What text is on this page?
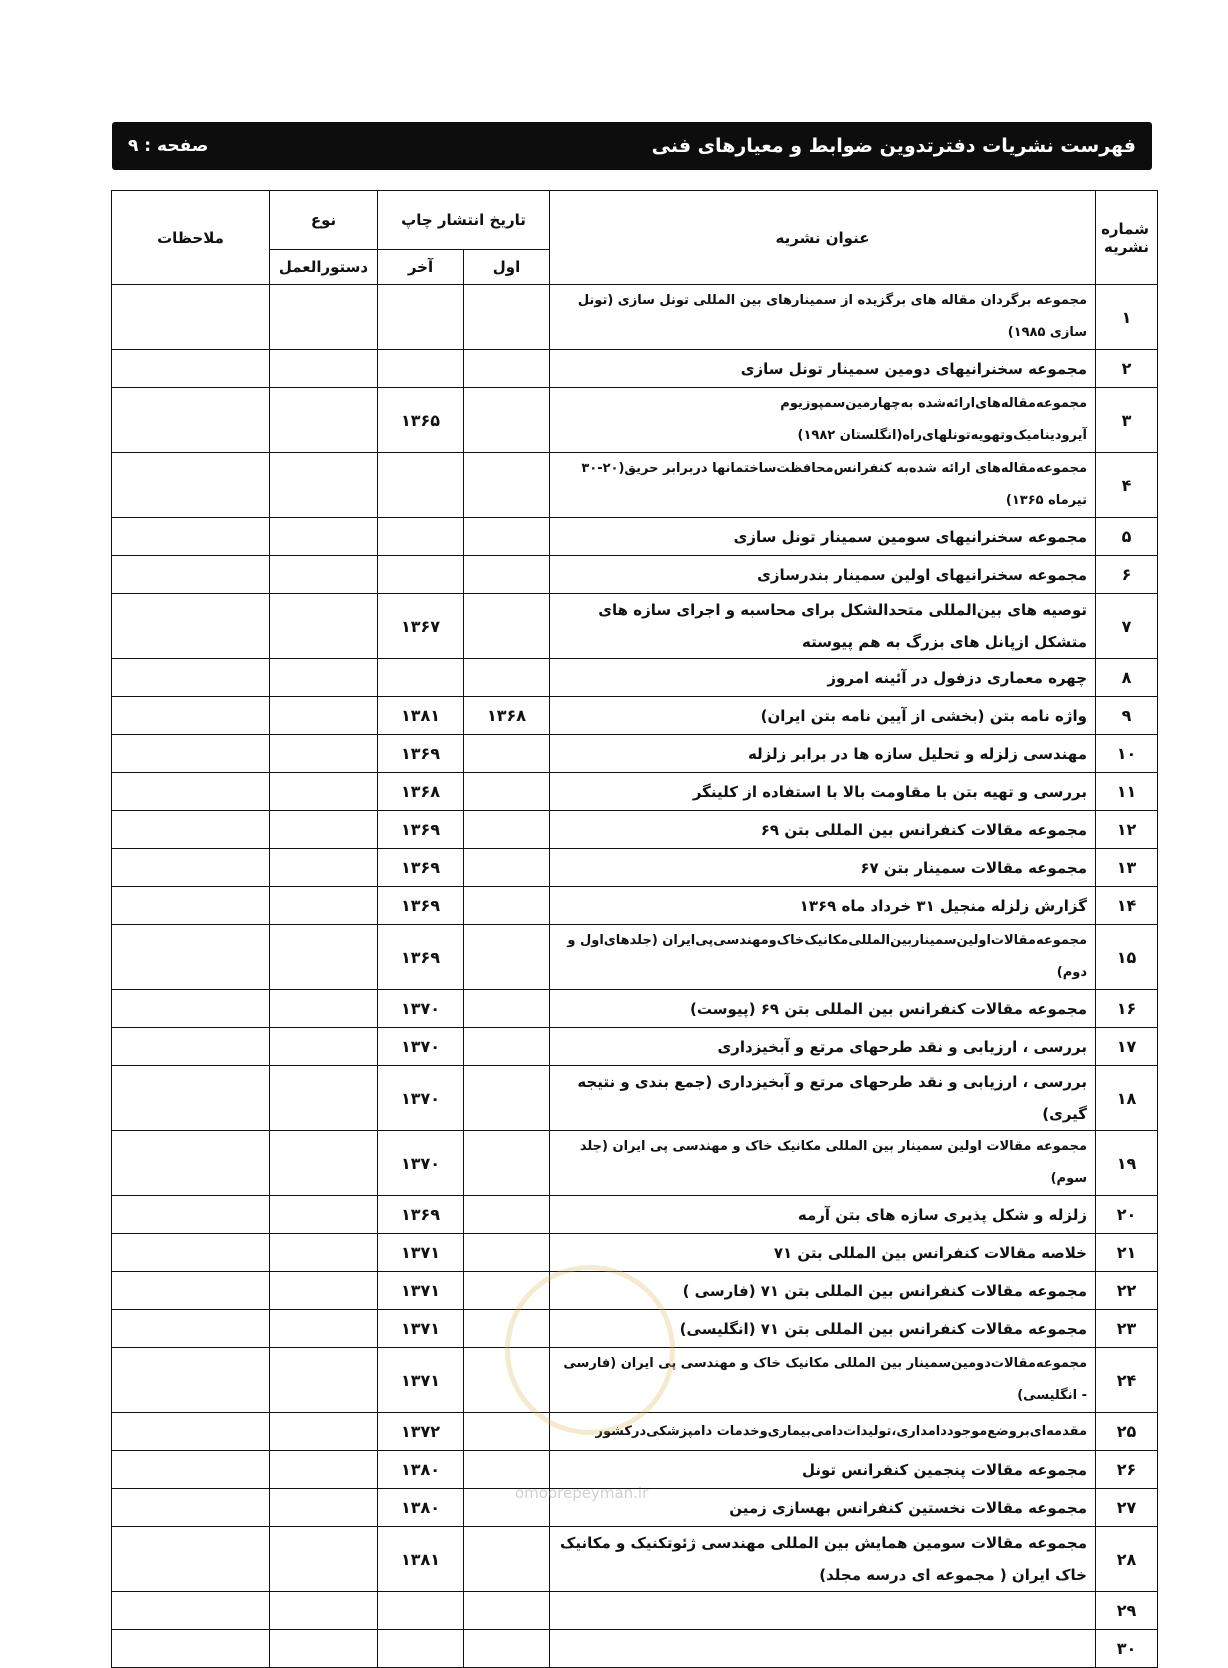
فهرست نشریات دفترتدوین ضوابط و معیارهای فنی
صفحه : ۹
شماره نشریه	عنوان نشریه	تاریخ انتشار چاپ		نوع	ملاحظات
		اول	آخر	دستورالعمل	
۱	مجموعه برگردان مقاله های برگزیده از سمینارهای بین المللی تونل سازی (تونل سازی ۱۹۸۵)				
۲	مجموعه سخنرانیهای دومین سمینار تونل سازی				
۳	مجموعه‌مقاله‌های‌ارائه‌شده به‌چهارمین‌سمپوزیوم آیرودینامیک‌و‌تهویه‌تونلهای‌راه(انگلستان ۱۹۸۲)		۱۳۶۵		
۴	مجموعه‌مقاله‌های ارائه شده‌به کنفرانس‌محافظت‌ساختمانها دربرابر حریق(۲۰-۳۰ تیرماه ۱۳۶۵)				
۵	مجموعه سخنرانیهای سومین سمینار تونل سازی				
۶	مجموعه سخنرانیهای اولین سمینار بندرسازی				
۷	توصیه های بین‌المللی متحدالشکل برای محاسبه و اجرای سازه های متشکل ازپانل های بزرگ به هم پیوسته		۱۳۶۷		
۸	چهره معماری دزفول در آئینه امروز				
۹	واژه نامه بتن (بخشی از آیین نامه بتن ایران)	۱۳۶۸	۱۳۸۱		
۱۰	مهندسی زلزله و تحلیل سازه ها در برابر زلزله		۱۳۶۹		
۱۱	بررسی و تهیه بتن با مقاومت بالا با استفاده از کلینگر		۱۳۶۸		
۱۲	مجموعه مقالات کنفرانس بین المللی بتن ۶۹		۱۳۶۹		
۱۳	مجموعه مقالات سمینار بتن ۶۷		۱۳۶۹		
۱۴	گزارش زلزله منجیل ۳۱ خرداد ماه ۱۳۶۹		۱۳۶۹		
۱۵	مجموعه‌مقالات‌اولین‌سمینار‌بین‌المللی‌مکانیک‌خاک‌و‌مهندسی‌پی‌ایران (جلدهای‌اول و دوم)		۱۳۶۹		
۱۶	مجموعه مقالات کنفرانس بین المللی بتن ۶۹ (پیوست)		۱۳۷۰		
۱۷	بررسی ، ارزیابی و نقد طرحهای مرتع و آبخیزداری		۱۳۷۰		
۱۸	بررسی ، ارزیابی و نقد طرحهای مرتع و آبخیزداری (جمع بندی و نتیجه گیری)		۱۳۷۰		
۱۹	مجموعه مقالات اولین سمینار بین المللی مکانیک خاک و مهندسی پی ایران (جلد سوم)		۱۳۷۰		
۲۰	زلزله و شکل پذیری سازه های بتن آرمه		۱۳۶۹		
۲۱	خلاصه مقالات کنفرانس بین المللی بتن ۷۱		۱۳۷۱		
۲۲	مجموعه مقالات کنفرانس بین المللی بتن ۷۱ (فارسی )		۱۳۷۱		
۲۳	مجموعه مقالات کنفرانس بین المللی بتن ۷۱ (انگلیسی)		۱۳۷۱		
۲۴	مجموعه‌مقالات‌دومین‌سمینار بین المللی مکانیک خاک و مهندسی پی ایران (فارسی - انگلیسی)		۱۳۷۱		
۲۵	مقدمه‌ای‌برو‌ضع‌موجود‌دامداری،‌تولیدات‌دامی‌بیماری‌و‌خدمات دامپزشکی‌در‌کشور		۱۳۷۲		
۲۶	مجموعه مقالات پنجمین کنفرانس تونل		۱۳۸۰		
۲۷	مجموعه مقالات نخستین کنفرانس بهسازی زمین		۱۳۸۰		
۲۸	مجموعه مقالات سومین همایش بین المللی مهندسی ژئوتکنیک و مکانیک خاک ایران ( مجموعه ای درسه مجلد)		۱۳۸۱		
۲۹					
۳۰					
omoorepeyman.ir
